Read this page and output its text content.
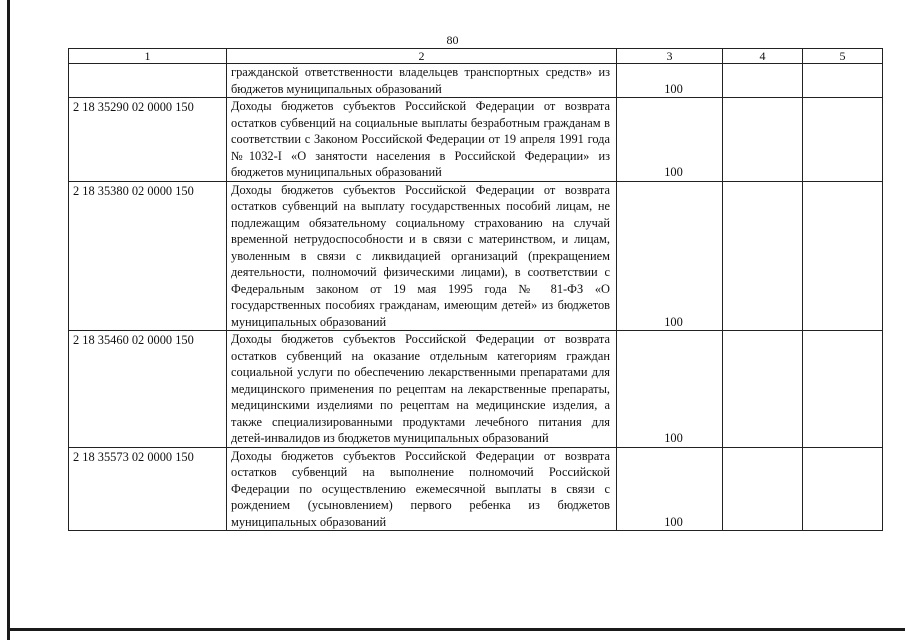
80
1	2	3	4	5
	гражданской ответственности владельцев транспортных средств» из бюджетов муниципальных образований	100		
2 18 35290 02 0000 150	Доходы бюджетов субъектов Российской Федерации от возврата остатков субвенций на социальные выплаты безработным гражданам в соответствии с Законом Российской Федерации от 19 апреля 1991 года №1032-I «О занятости населения в Российской Федерации» из бюджетов муниципальных образований	100		
2 18 35380 02 0000 150	Доходы бюджетов субъектов Российской Федерации от возврата остатков субвенций на выплату государственных пособий лицам, не подлежащим обязательному социальному страхованию на случай временной нетрудоспособности и в связи с материнством, и лицам, уволенным в связи с ликвидацией организаций (прекращением деятельности, полномочий физическими лицами), в соответствии с Федеральным законом от 19 мая 1995 года № 81-ФЗ «О государственных пособиях гражданам, имеющим детей» из бюджетов муниципальных образований	100		
2 18 35460 02 0000 150	Доходы бюджетов субъектов Российской Федерации от возврата остатков субвенций на оказание отдельным категориям граждан социальной услуги по обеспечению лекарственными препаратами для медицинского применения по рецептам на лекарственные препараты, медицинскими изделиями по рецептам на медицинские изделия, а также специализированными продуктами лечебного питания для детей-инвалидов из бюджетов муниципальных образований	100		
2 18 35573 02 0000 150	Доходы бюджетов субъектов Российской Федерации от возврата остатков субвенций на выполнение полномочий Российской Федерации по осуществлению ежемесячной выплаты в связи с рождением (усыновлением) первого ребенка из бюджетов муниципальных образований	100		
